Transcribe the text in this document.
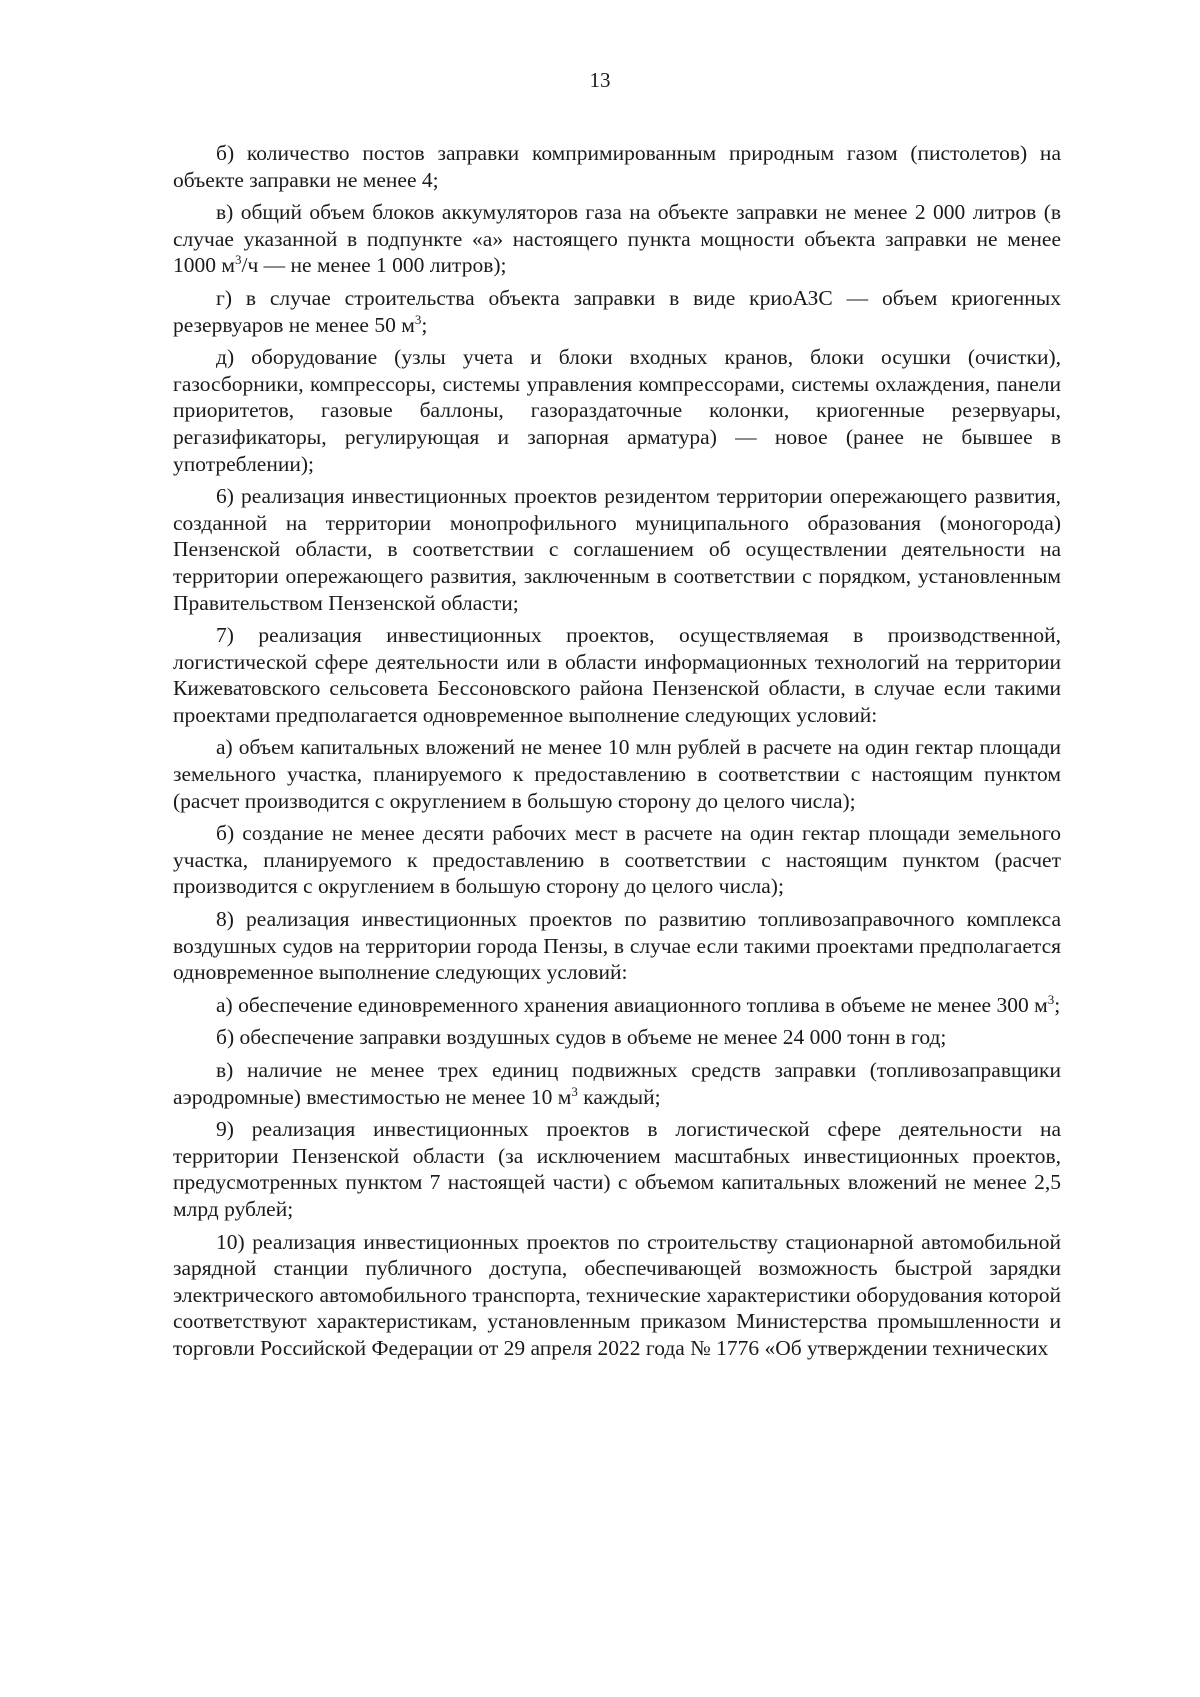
13

б) количество постов заправки компримированным природным газом (пистолетов) на объекте заправки не менее 4;

в) общий объем блоков аккумуляторов газа на объекте заправки не менее 2 000 литров (в случае указанной в подпункте «а» настоящего пункта мощности объекта заправки не менее 1000 $м^3/ч$ — не менее 1 000 литров);

г) в случае строительства объекта заправки в виде криоАЗС — объем криогенных резервуаров не менее 50 $м^3$;

д) оборудование (узлы учета и блоки входных кранов, блоки осушки (очистки), газосборники, компрессоры, системы управления компрессорами, системы охлаждения, панели приоритетов, газовые баллоны, газораздаточные колонки, криогенные резервуары, регазификаторы, регулирующая и запорная арматура) — новое (ранее не бывшее в употреблении);

6) реализация инвестиционных проектов резидентом территории опережающего развития, созданной на территории монопрофильного муниципального образования (моногорода) Пензенской области, в соответствии с соглашением об осуществлении деятельности на территории опережающего развития, заключенным в соответствии с порядком, установленным Правительством Пензенской области;

7) реализация инвестиционных проектов, осуществляемая в производственной, логистической сфере деятельности или в области информационных технологий на территории Кижеватовского сельсовета Бессоновского района Пензенской области, в случае если такими проектами предполагается одновременное выполнение следующих условий:

а) объем капитальных вложений не менее 10 млн рублей в расчете на один гектар площади земельного участка, планируемого к предоставлению в соответствии с настоящим пунктом (расчет производится с округлением в большую сторону до целого числа);

б) создание не менее десяти рабочих мест в расчете на один гектар площади земельного участка, планируемого к предоставлению в соответствии с настоящим пунктом (расчет производится с округлением в большую сторону до целого числа);

8) реализация инвестиционных проектов по развитию топливозаправочного комплекса воздушных судов на территории города Пензы, в случае если такими проектами предполагается одновременное выполнение следующих условий:

а) обеспечение единовременного хранения авиационного топлива в объеме не менее 300 $м^3$;

б) обеспечение заправки воздушных судов в объеме не менее 24 000 тонн в год;

в) наличие не менее трех единиц подвижных средств заправки (топливозаправщики аэродромные) вместимостью не менее 10 $м^3$ каждый;

9) реализация инвестиционных проектов в логистической сфере деятельности на территории Пензенской области (за исключением масштабных инвестиционных проектов, предусмотренных пунктом 7 настоящей части) с объемом капитальных вложений не менее 2,5 млрд рублей;

10) реализация инвестиционных проектов по строительству стационарной автомобильной зарядной станции публичного доступа, обеспечивающей возможность быстрой зарядки электрического автомобильного транспорта, технические характеристики оборудования которой соответствуют характеристикам, установленным приказом Министерства промышленности и торговли Российской Федерации от 29 апреля 2022 года № 1776 «Об утверждении технических
